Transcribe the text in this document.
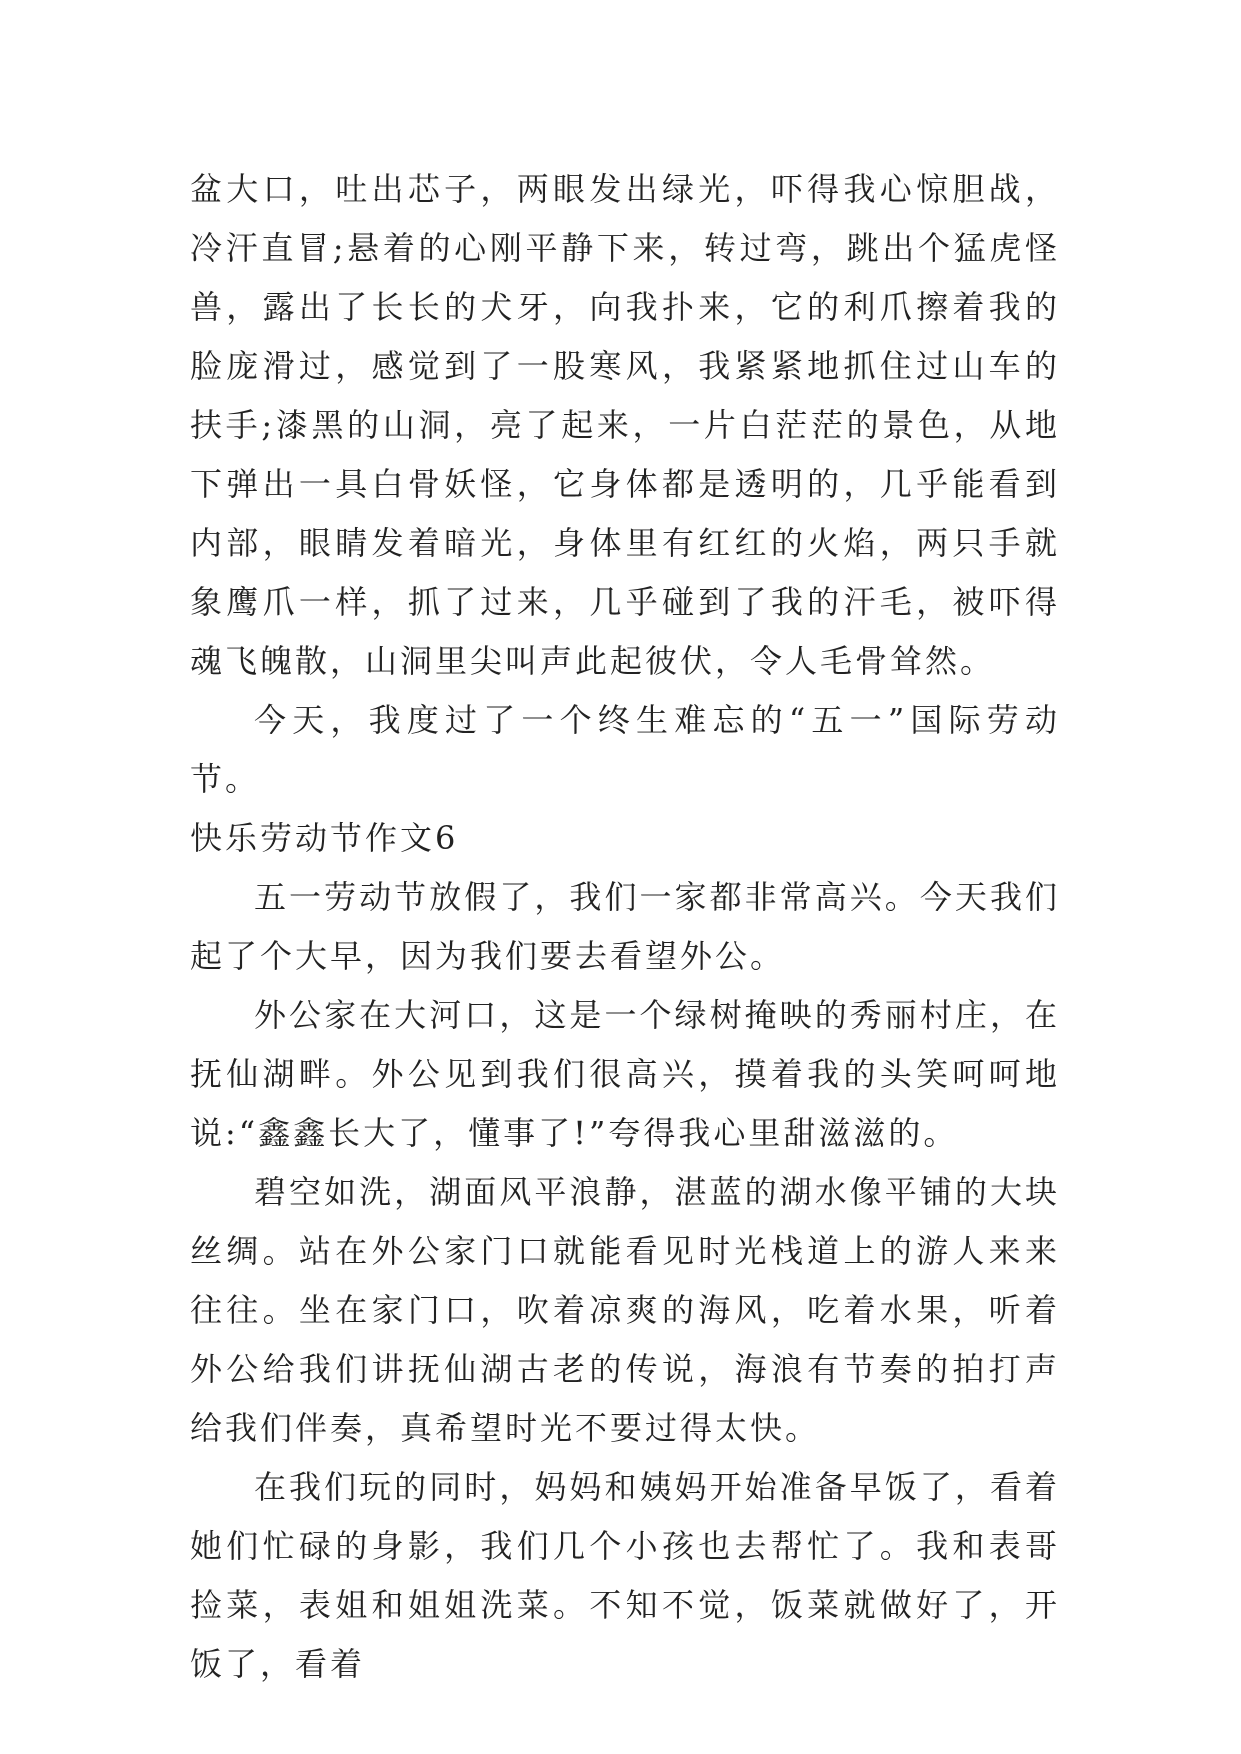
盆大口，吐出芯子，两眼发出绿光，吓得我心惊胆战，冷汗直冒;悬着的心刚平静下来，转过弯，跳出个猛虎怪兽，露出了长长的犬牙，向我扑来，它的利爪擦着我的脸庞滑过，感觉到了一股寒风，我紧紧地抓住过山车的扶手;漆黑的山洞，亮了起来，一片白茫茫的景色，从地下弹出一具白骨妖怪，它身体都是透明的，几乎能看到内部，眼睛发着暗光，身体里有红红的火焰，两只手就象鹰爪一样，抓了过来，几乎碰到了我的汗毛，被吓得魂飞魄散，山洞里尖叫声此起彼伏，令人毛骨耸然。

今天，我度过了一个终生难忘的“五一”国际劳动节。

快乐劳动节作文6

五一劳动节放假了，我们一家都非常高兴。今天我们起了个大早，因为我们要去看望外公。

外公家在大河口，这是一个绿树掩映的秀丽村庄，在抚仙湖畔。外公见到我们很高兴，摸着我的头笑呵呵地说:“鑫鑫长大了，懂事了!”夸得我心里甜滋滋的。

碧空如洗，湖面风平浪静，湛蓝的湖水像平铺的大块丝绸。站在外公家门口就能看见时光栈道上的游人来来往往。坐在家门口，吹着凉爽的海风，吃着水果，听着外公给我们讲抚仙湖古老的传说，海浪有节奏的拍打声给我们伴奏，真希望时光不要过得太快。

在我们玩的同时，妈妈和姨妈开始准备早饭了，看着她们忙碌的身影，我们几个小孩也去帮忙了。我和表哥捡菜，表姐和姐姐洗菜。不知不觉，饭菜就做好了，开饭了，看着
